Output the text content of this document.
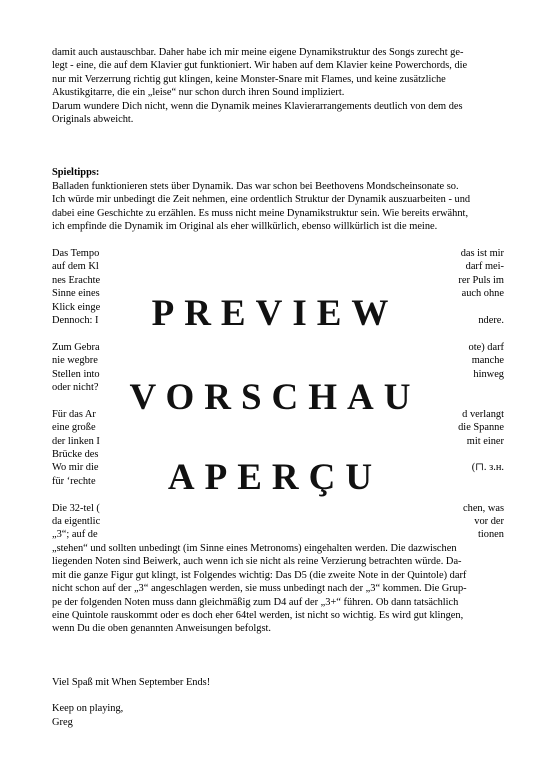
damit auch austauschbar. Daher habe ich mir meine eigene Dynamikstruktur des Songs zurecht ge-

legt - eine, die auf dem Klavier gut funktioniert. Wir haben auf dem Klavier keine Powerchords, die

nur mit Verzerrung richtig gut klingen, keine Monster-Snare mit Flames, und keine zusätzliche

Akustikgitarre, die ein „leise“ nur schon durch ihren Sound impliziert.

Darum wundere Dich nicht, wenn die Dynamik meines Klavierarrangements deutlich von dem des

Originals abweicht.

Spieltipps:

Balladen funktionieren stets über Dynamik. Das war schon bei Beethovens Mondscheinsonate so.

Ich würde mir unbedingt die Zeit nehmen, eine ordentlich Struktur der Dynamik auszuarbeiten - und

dabei eine Geschichte zu erzählen. Es muss nicht meine Dynamikstruktur sein. Wie bereits erwähnt,

ich empfinde die Dynamik im Original als eher willkürlich, ebenso willkürlich ist die meine.

Das Tempo
auf dem Kl
nes Erachte
Sinne eines
Klick einge
Dennoch: I
Zum Gebra
nie wegbre
Stellen into
oder nicht?
Für das Ar
eine große
der linken I
Brücke des
Wo mir die
für ‘rechte
Die 32-tel (
da eigentlic
„3“; auf de
das ist mir
darf mei-
rer Puls im
auch ohne
ndere.
ote) darf
manche
hinweg
d verlangt
die Spanne
mit einer
(⊓. з.н.
chen, was
vor der
tionen
PREVIEW
VORSCHAU
APERÇU

„stehen“ und sollten unbedingt (im Sinne eines Metronoms) eingehalten werden. Die dazwischen

liegenden Noten sind Beiwerk, auch wenn ich sie nicht als reine Verzierung betrachten würde. Da-

mit die ganze Figur gut klingt, ist Folgendes wichtig: Das D5 (die zweite Note in der Quintole) darf

nicht schon auf der „3“ angeschlagen werden, sie muss unbedingt nach der „3“ kommen. Die Grup-

pe der folgenden Noten muss dann gleichmäßig zum D4 auf der „3+“ führen. Ob dann tatsächlich

eine Quintole rauskommt oder es doch eher 64tel werden, ist nicht so wichtig. Es wird gut klingen,

wenn Du die oben genannten Anweisungen befolgst.

Viel Spaß mit When September Ends!

Keep on playing,

Greg
